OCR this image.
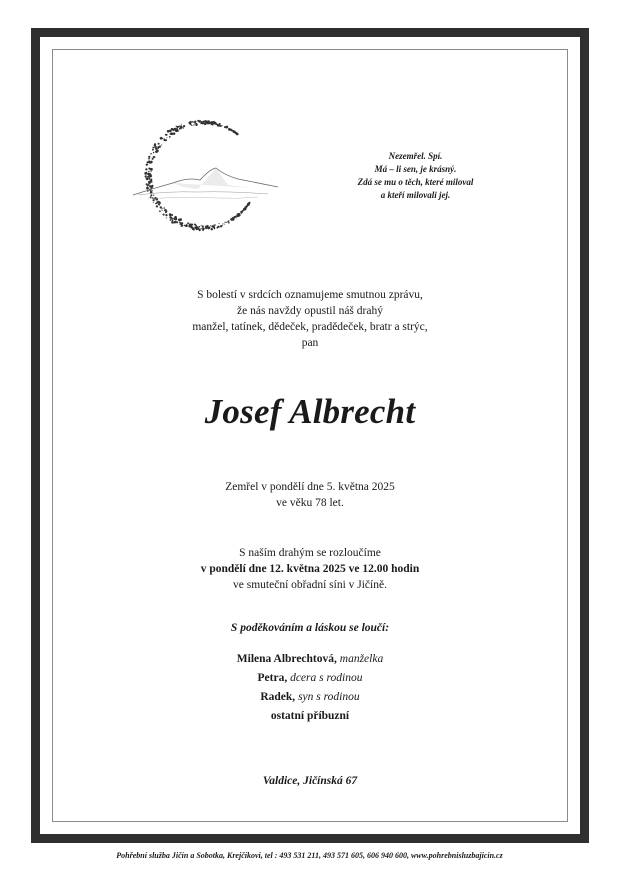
Nezemřel. Spí.
Má – li sen, je krásný.
Zdá se mu o těch, které miloval
a kteří milovali jej.
S bolestí v srdcích oznamujeme smutnou zprávu,
že nás navždy opustil náš drahý
manžel, tatínek, dědeček, pradědeček, bratr a strýc,
pan
Josef Albrecht
Zemřel v pondělí dne 5. května 2025
ve věku 78 let.
S naším drahým se rozloučíme
v pondělí dne 12. května 2025 ve 12.00 hodin
ve smuteční obřadní síni v Jičíně.
S poděkováním a láskou se loučí:
Milena Albrechtová, manželka
Petra, dcera s rodinou
Radek, syn s rodinou
ostatní příbuzní
Valdice, Jičínská 67
Pohřební služba Jičín a Sobotka, Krejčíkovi, tel : 493 531 211, 493 571 605, 606 940 600, www.pohrebnisluzbajicin.cz
